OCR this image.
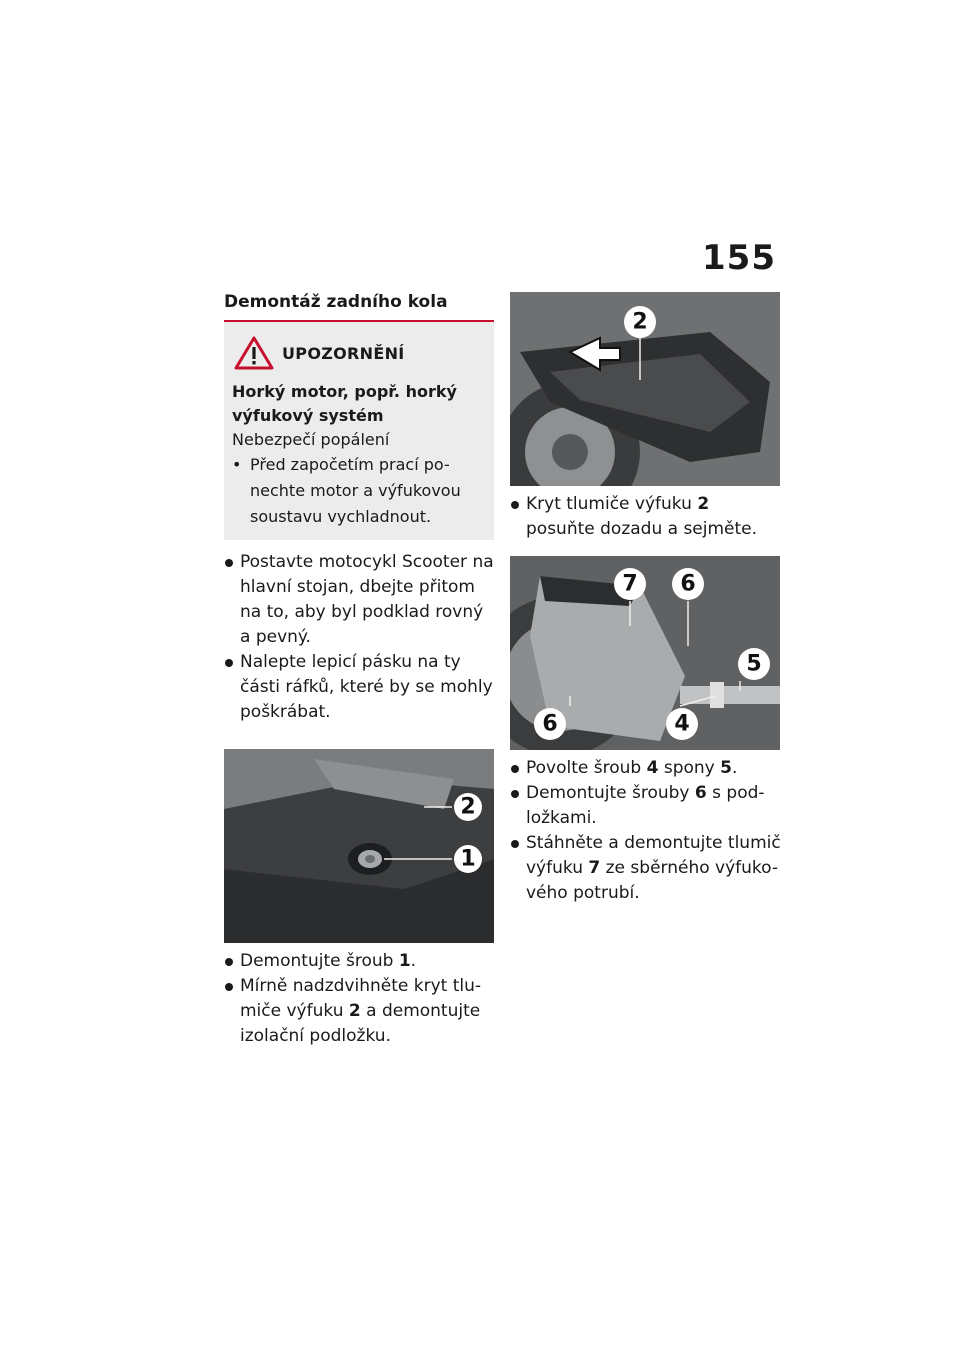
155
Demontáž zadního kola
UPOZORNĚNÍ
Horký motor, popř. horký
výfukový systém
Nebezpečí popálení
• Před započetím prací po-nechte motor a výfukovou soustavu vychladnout.
Postavte motocykl Scooter na hlavní stojan, dbejte přitom na to, aby byl podklad rovný a pevný.
Nalepte lepicí pásku na ty části ráfků, které by se mohly poškrábat.
2
1
Demontujte šroub 1.
Mírně nadzdvihněte kryt tlu-miče výfuku 2 a demontujte izolační podložku.
2
Kryt tlumiče výfuku 2 posuňte dozadu a sejměte.
7 6
5
6	4
Povolte šroub 4 spony 5.
Demontujte šrouby 6 s pod-ložkami.
Stáhněte a demontujte tlumič výfuku 7 ze sběrného výfuko-vého potrubí.
